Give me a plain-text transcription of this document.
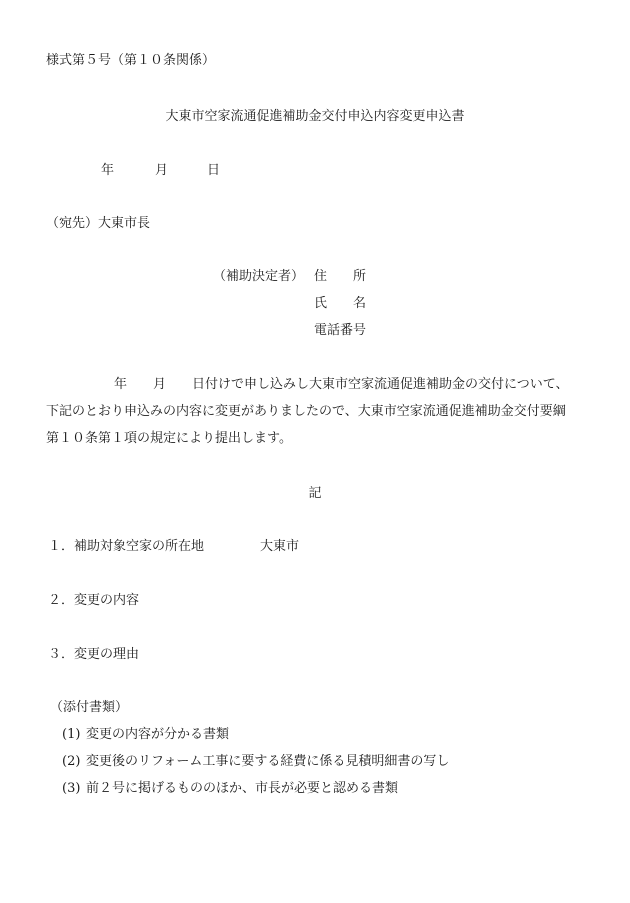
様式第５号（第１０条関係）

大東市空家流通促進補助金交付申込内容変更申込書

年	月	日

（宛先）大東市長

（補助決定者） 住　　所
氏　　名
電話番号

年 月 日付けで申し込みし大東市空家流通促進補助金の交付について、

下記のとおり申込みの内容に変更がありましたので、大東市空家流通促進補助金交付要綱

第１０条第１項の規定により提出します。

記

１．補助対象空家の所在地	大東市

２．変更の内容

３．変更の理由

（添付書類）

(1) 変更の内容が分かる書類

(2) 変更後のリフォーム工事に要する経費に係る見積明細書の写し

(3) 前２号に掲げるもののほか、市長が必要と認める書類
